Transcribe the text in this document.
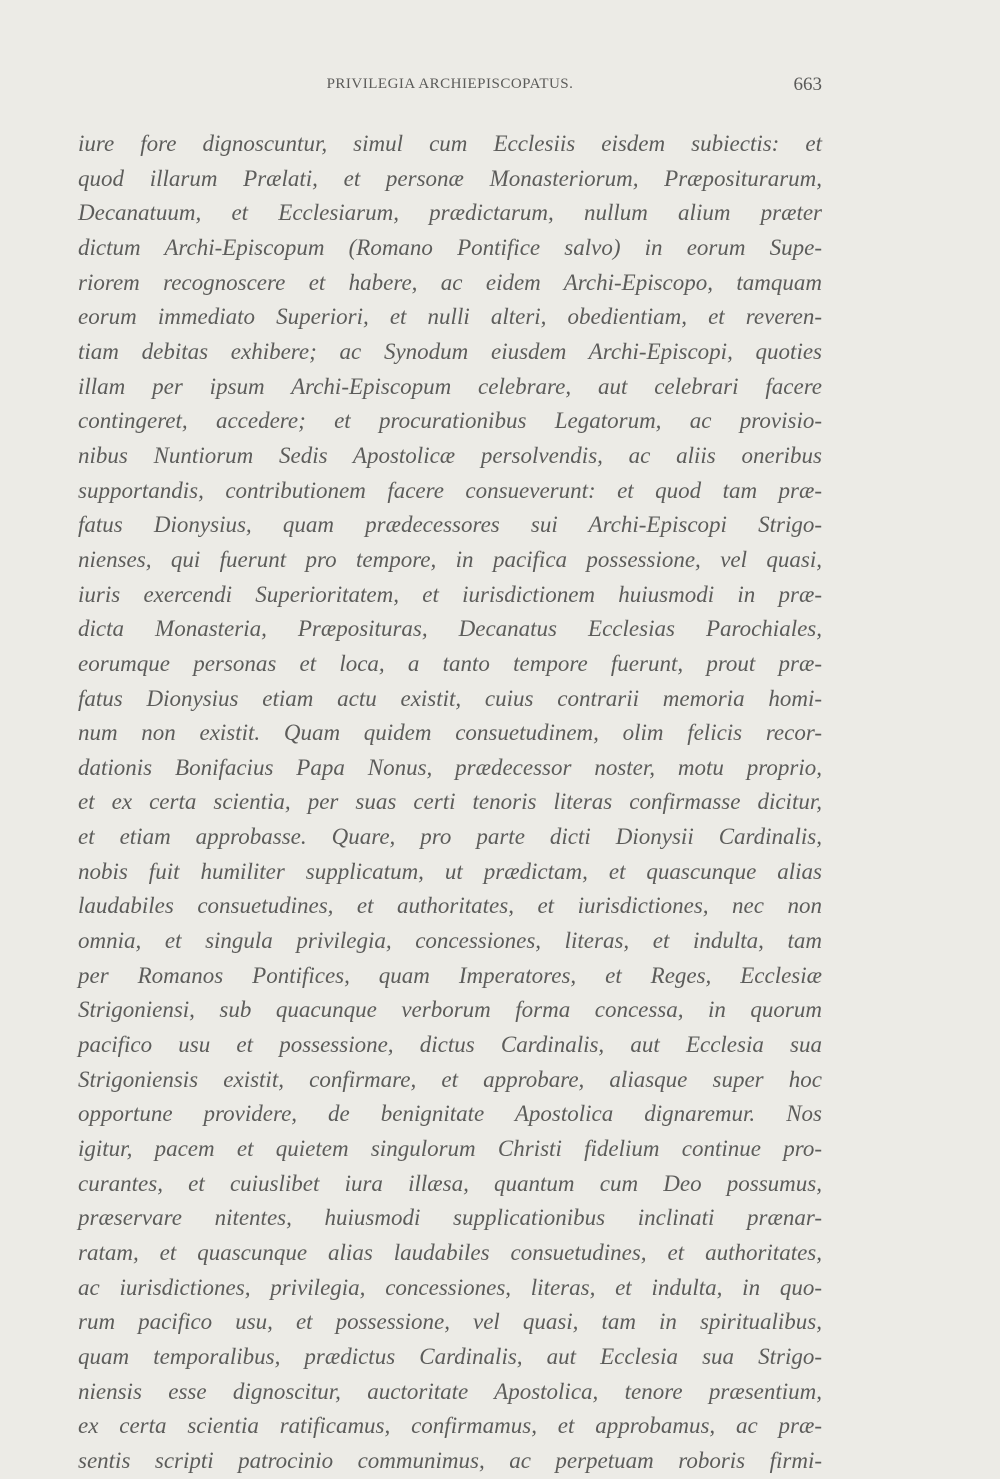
PRIVILEGIA ARCHIEPISCOPATUS.	663
iure fore dignoscuntur, simul cum Ecclesiis eisdem subiectis: et
quod illarum Prælati, et personæ Monasteriorum, Præpositurarum,
Decanatuum, et Ecclesiarum, prædictarum, nullum alium præter
dictum Archi-Episcopum (Romano Pontifice salvo) in eorum Supe-
riorem recognoscere et habere, ac eidem Archi-Episcopo, tamquam
eorum immediato Superiori, et nulli alteri, obedientiam, et reveren-
tiam debitas exhibere; ac Synodum eiusdem Archi-Episcopi, quoties
illam per ipsum Archi-Episcopum celebrare, aut celebrari facere
contingeret, accedere; et procurationibus Legatorum, ac provisio-
nibus Nuntiorum Sedis Apostolicæ persolvendis, ac aliis oneribus
supportandis, contributionem facere consueverunt: et quod tam præ-
fatus Dionysius, quam prædecessores sui Archi-Episcopi Strigo-
nienses, qui fuerunt pro tempore, in pacifica possessione, vel quasi,
iuris exercendi Superioritatem, et iurisdictionem huiusmodi in præ-
dicta Monasteria, Præposituras, Decanatus Ecclesias Parochiales,
eorumque personas et loca, a tanto tempore fuerunt, prout præ-
fatus Dionysius etiam actu existit, cuius contrarii memoria homi-
num non existit. Quam quidem consuetudinem, olim felicis recor-
dationis Bonifacius Papa Nonus, prædecessor noster, motu proprio,
et ex certa scientia, per suas certi tenoris literas confirmasse dicitur,
et etiam approbasse. Quare, pro parte dicti Dionysii Cardinalis,
nobis fuit humiliter supplicatum, ut prædictam, et quascunque alias
laudabiles consuetudines, et authoritates, et iurisdictiones, nec non
omnia, et singula privilegia, concessiones, literas, et indulta, tam
per Romanos Pontifices, quam Imperatores, et Reges, Ecclesiæ
Strigoniensi, sub quacunque verborum forma concessa, in quorum
pacifico usu et possessione, dictus Cardinalis, aut Ecclesia sua
Strigoniensis existit, confirmare, et approbare, aliasque super hoc
opportune providere, de benignitate Apostolica dignaremur. Nos
igitur, pacem et quietem singulorum Christi fidelium continue pro-
curantes, et cuiuslibet iura illæsa, quantum cum Deo possumus,
præservare nitentes, huiusmodi supplicationibus inclinati prænar-
ratam, et quascunque alias laudabiles consuetudines, et authoritates,
ac iurisdictiones, privilegia, concessiones, literas, et indulta, in quo-
rum pacifico usu, et possessione, vel quasi, tam in spiritualibus,
quam temporalibus, prædictus Cardinalis, aut Ecclesia sua Strigo-
niensis esse dignoscitur, auctoritate Apostolica, tenore præsentium,
ex certa scientia ratificamus, confirmamus, et approbamus, ac præ-
sentis scripti patrocinio communimus, ac perpetuam roboris firmi-
